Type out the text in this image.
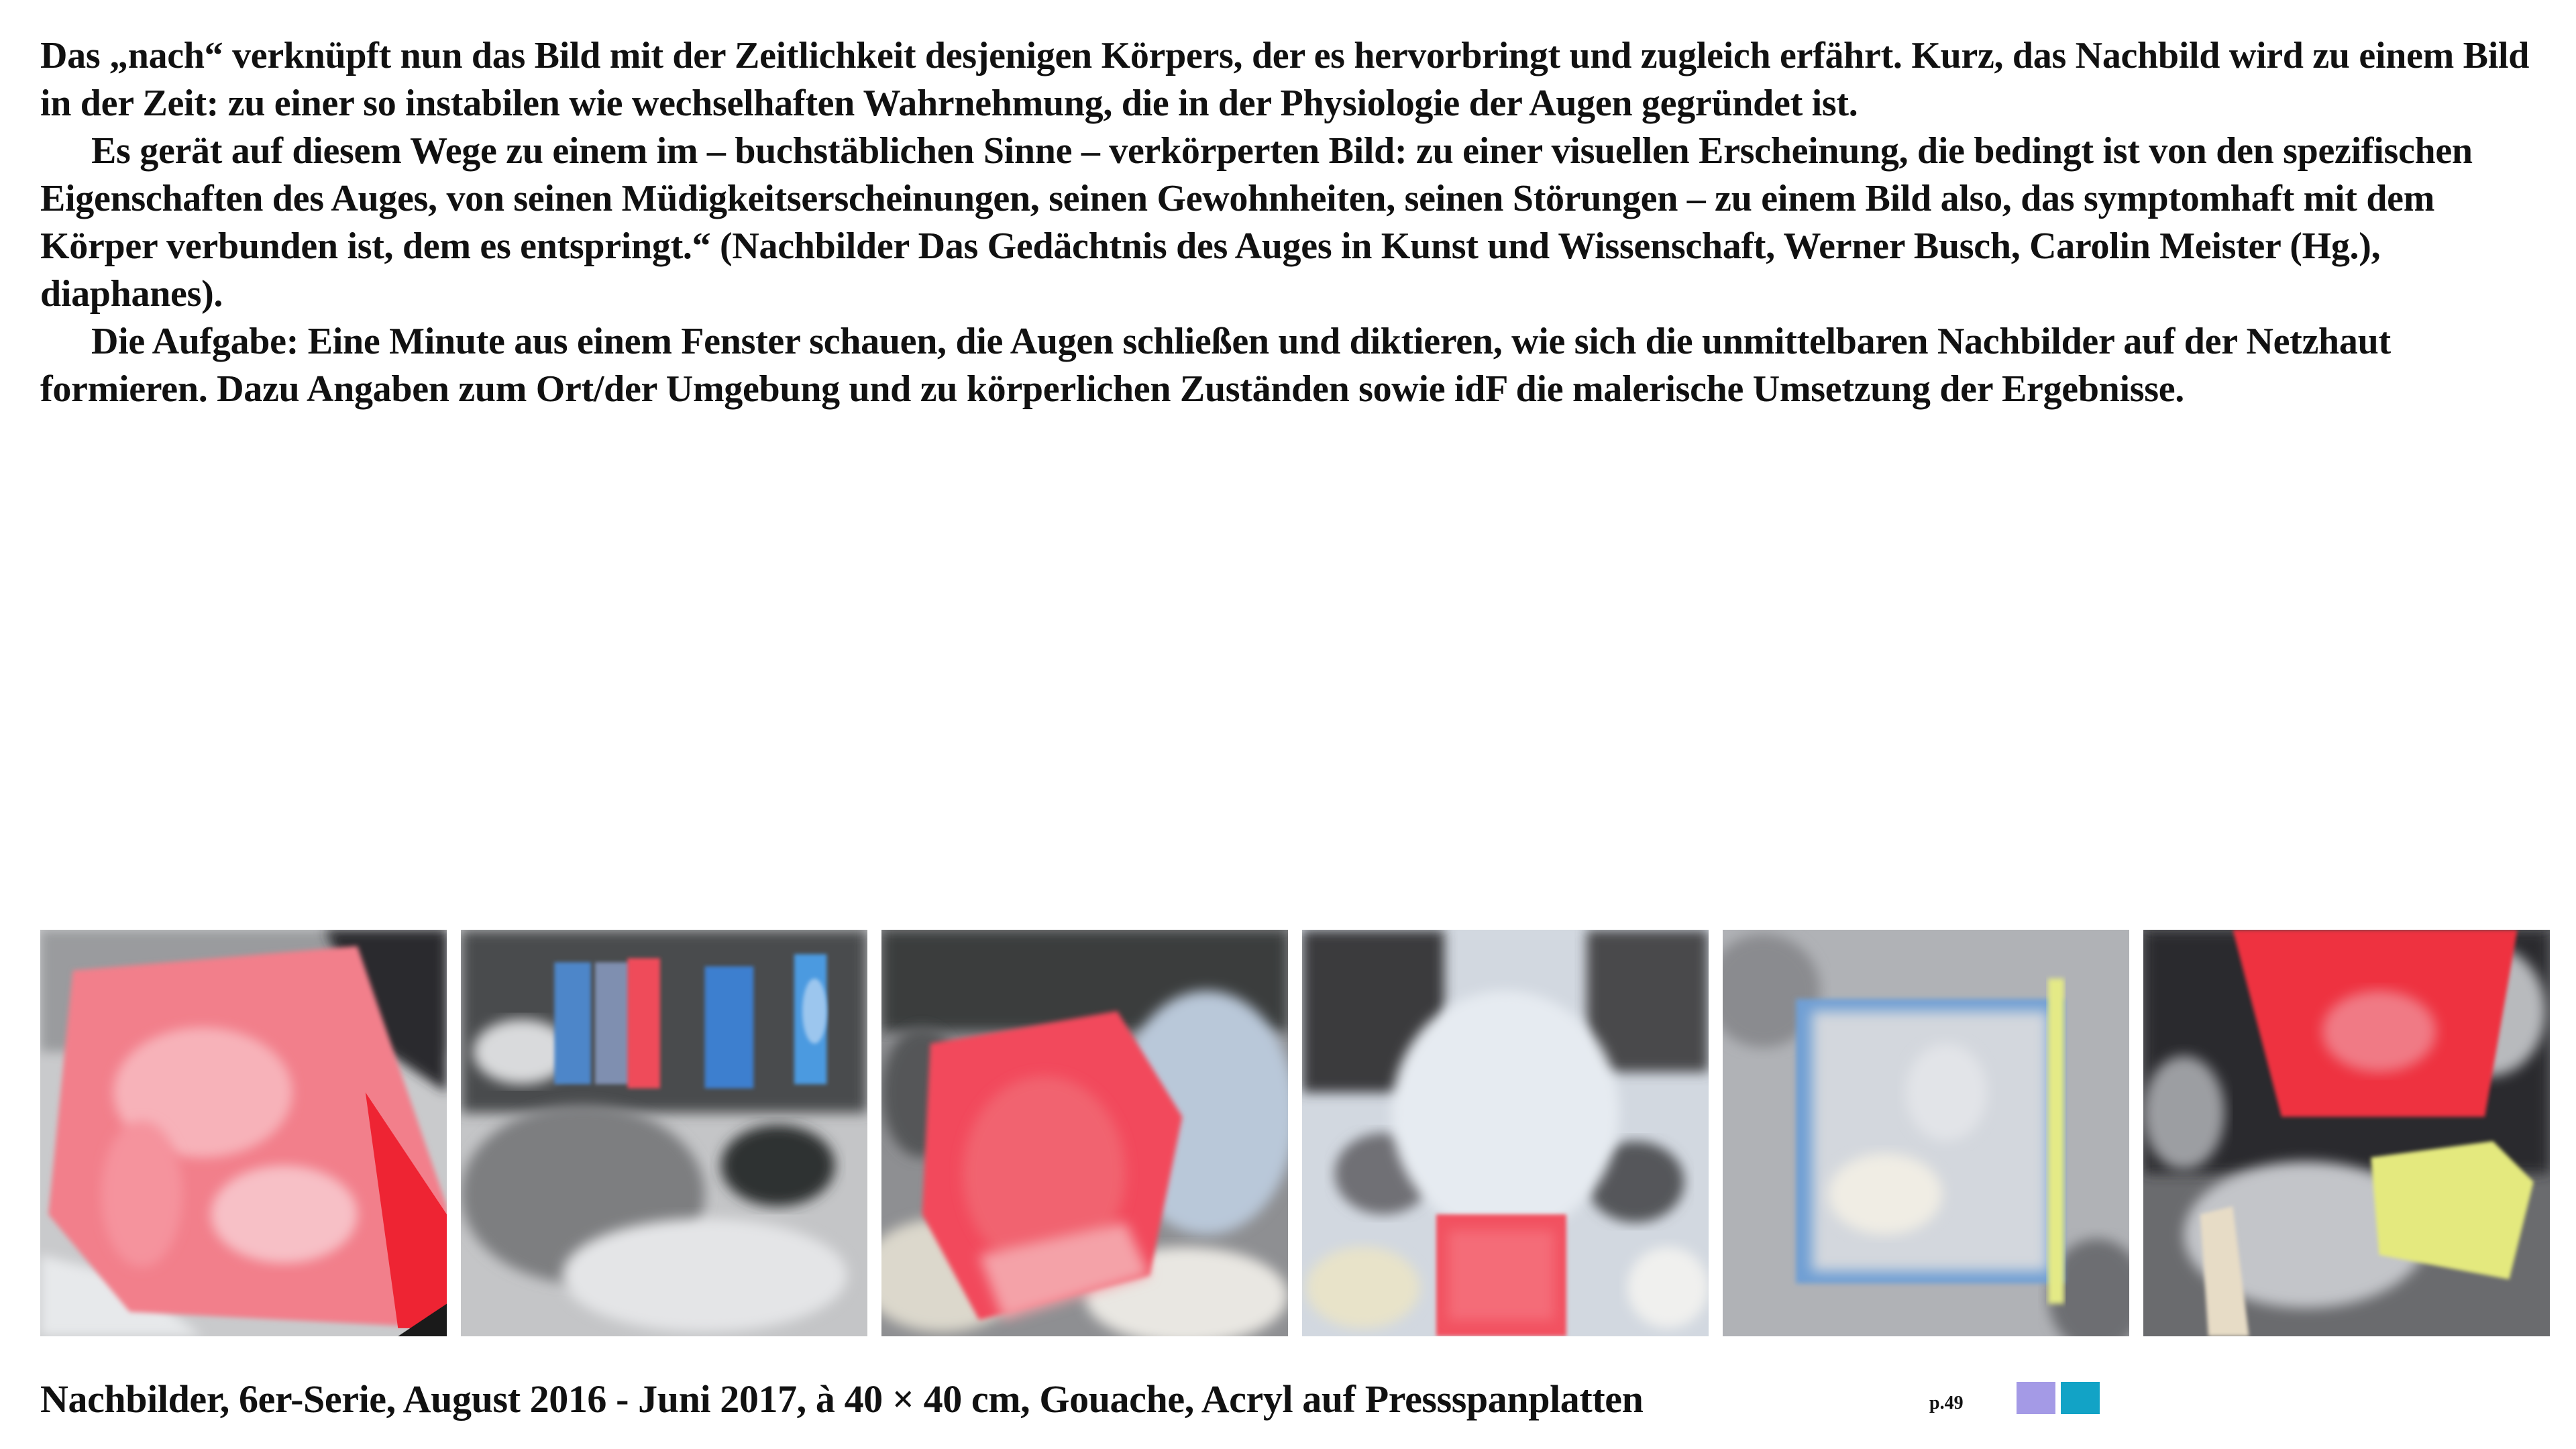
Das „nach“ verknüpft nun das Bild mit der Zeitlichkeit desjenigen Körpers, der es hervorbringt und zugleich erfährt. Kurz, das Nachbild wird zu einem Bild in der Zeit: zu einer so instabilen wie wechselhaften Wahrnehmung, die in der Physiologie der Augen gegründet ist.

Es gerät auf diesem Wege zu einem im – buchstäblichen Sinne – verkörperten Bild: zu einer visuellen Erscheinung, die bedingt ist von den spezifischen Eigenschaften des Auges, von seinen Müdigkeitserscheinungen, seinen Gewohnheiten, seinen Störungen – zu einem Bild also, das symptomhaft mit dem Körper verbunden ist, dem es entspringt.“ (Nachbilder Das Gedächtnis des Auges in Kunst und Wissenschaft, Werner Busch, Carolin Meister (Hg.), diaphanes).

Die Aufgabe: Eine Minute aus einem Fenster schauen, die Augen schließen und diktieren, wie sich die unmittelbaren Nachbilder auf der Netzhaut formieren. Dazu Angaben zum Ort/der Umgebung und zu körperlichen Zuständen sowie idF die malerische Umsetzung der Ergebnisse.

Nachbilder, 6er-Serie, August 2016 - Juni 2017, à 40 × 40 cm, Gouache, Acryl auf Pressspanplatten	p.49
